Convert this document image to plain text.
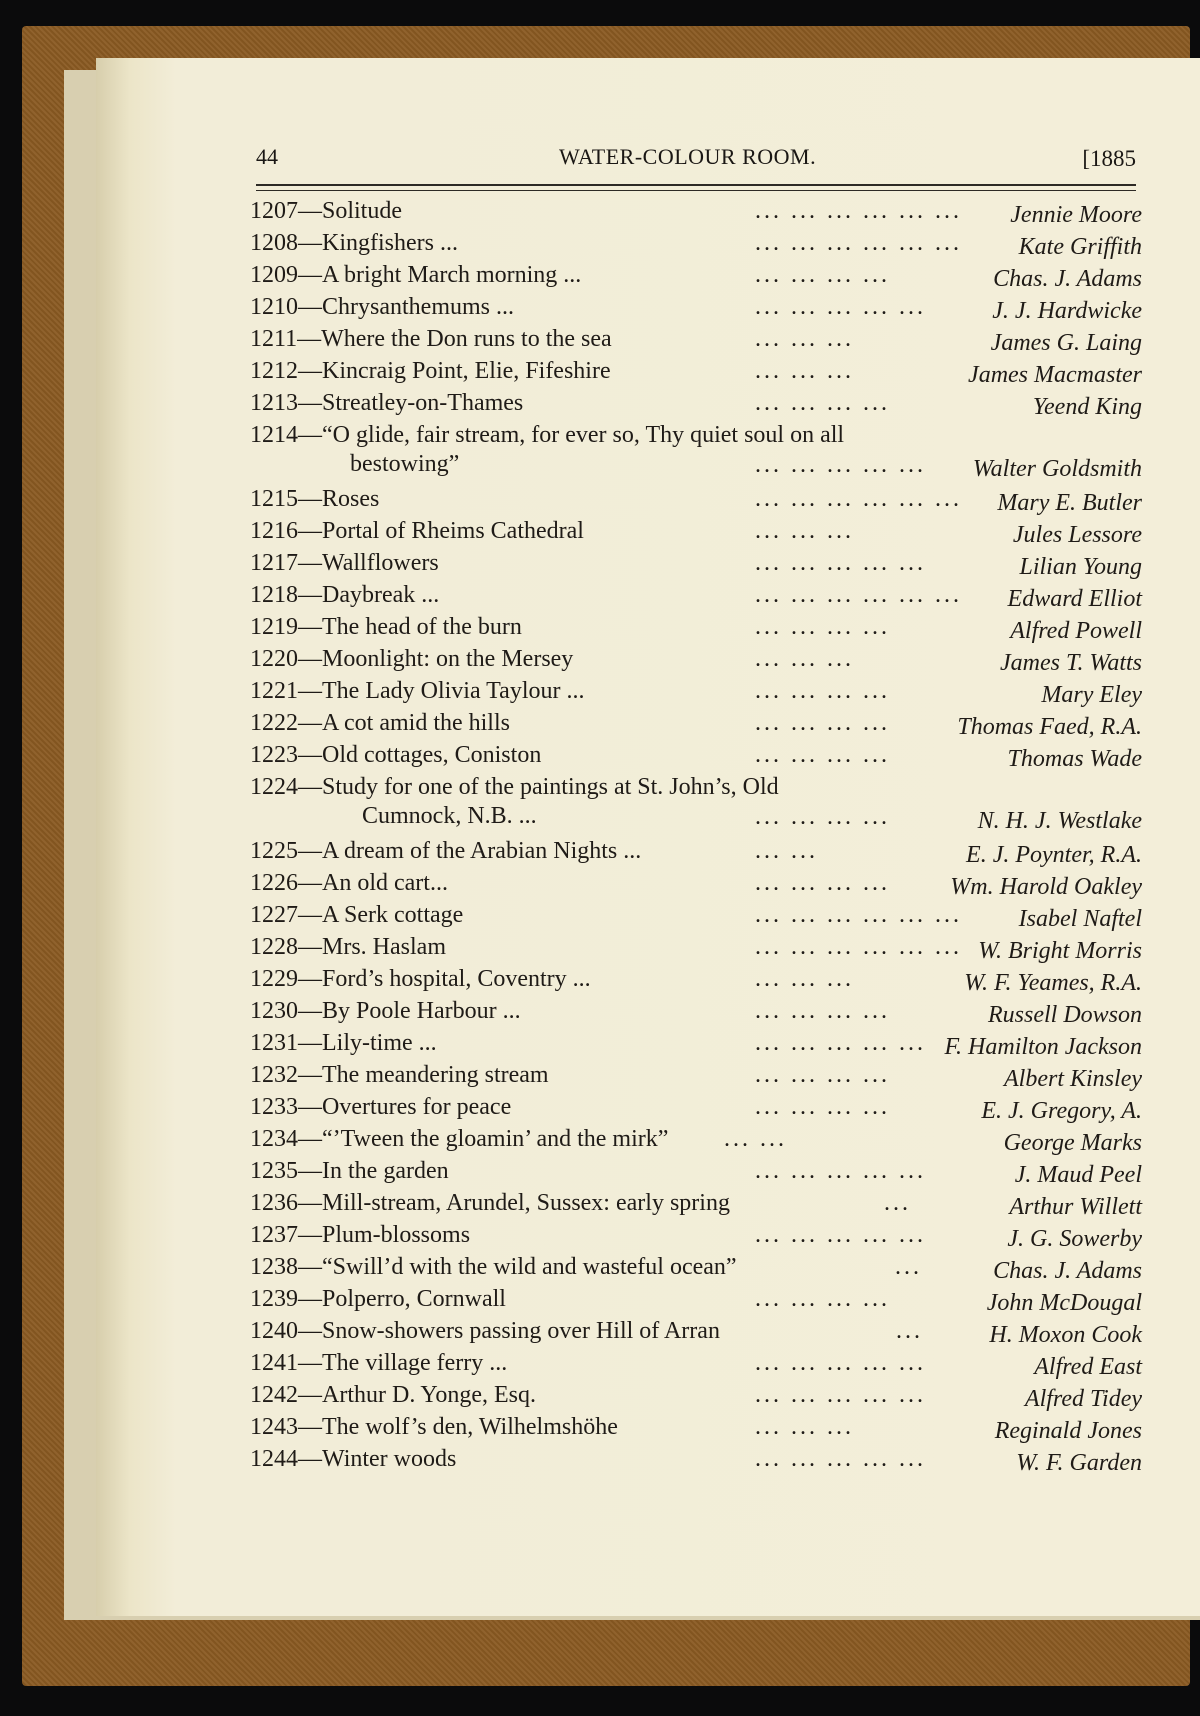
44	WATER-COLOUR ROOM.	[1885
1207—Solitude	... ... ... ... ... ... Jennie Moore
1208—Kingfishers ...	... ... ... ... ... ... Kate Griffith
1209—A bright March morning ...	... ... ... ...	Chas. J. Adams
1210—Chrysanthemums ...	... ... ... ... ...	J. J. Hardwicke
1211—Where the Don runs to the sea	... ... ...	James G. Laing
1212—Kincraig Point, Elie, Fifeshire	... ... ...	James Macmaster
1213—Streatley-on-Thames	... ... ... ...	Yeend King
1214—“O glide, fair stream, for ever so, Thy quiet soul on all
bestowing”	... ... ... ... ... Walter Goldsmith
1215—Roses	... ... ... ... ... ... Mary E. Butler
1216—Portal of Rheims Cathedral	... ... ...	Jules Lessore
1217—Wallflowers	... ... ... ... ...	Lilian Young
1218—Daybreak ...	... ... ... ... ... ... Edward Elliot
1219—The head of the burn	... ... ... ...	Alfred Powell
1220—Moonlight: on the Mersey	... ... ...	James T. Watts
1221—The Lady Olivia Taylour ...	... ... ... ...	Mary Eley
1222—A cot amid the hills	... ... ... ...	Thomas Faed, R.A.
1223—Old cottages, Coniston	... ... ... ...	Thomas Wade
1224—Study for one of the paintings at St. John’s, Old
Cumnock, N.B. ...	... ... ... ...	N. H. J. Westlake
1225—A dream of the Arabian Nights ...	... ...	E. J. Poynter, R.A.
1226—An old cart...	... ... ... ...	Wm. Harold Oakley
1227—A Serk cottage	... ... ... ... ... ... Isabel Naftel
1228—Mrs. Haslam	... ... ... ... ... ... W. Bright Morris
1229—Ford’s hospital, Coventry ...	... ... ...	W. F. Yeames, R.A.
1230—By Poole Harbour ...	... ... ... ...	Russell Dowson
1231—Lily-time ...	... ... ... ... ... F. Hamilton Jackson
1232—The meandering stream	... ... ... ...	Albert Kinsley
1233—Overtures for peace	... ... ... ...	E. J. Gregory, A.
1234—“’Tween the gloamin’ and the mirk” ... ...	George Marks
1235—In the garden	... ... ... ... ...	J. Maud Peel
1236—Mill-stream, Arundel, Sussex: early spring	...	Arthur Willett
1237—Plum-blossoms	... ... ... ... ...	J. G. Sowerby
1238—“Swill’d with the wild and wasteful ocean”	...	Chas. J. Adams
1239—Polperro, Cornwall	... ... ... ...	John McDougal
1240—Snow-showers passing over Hill of Arran	...	H. Moxon Cook
1241—The village ferry ...	... ... ... ... ...	Alfred East
1242—Arthur D. Yonge, Esq.	... ... ... ... ...	Alfred Tidey
1243—The wolf’s den, Wilhelmshöhe	... ... ...	Reginald Jones
1244—Winter woods	... ... ... ... ...	W. F. Garden
